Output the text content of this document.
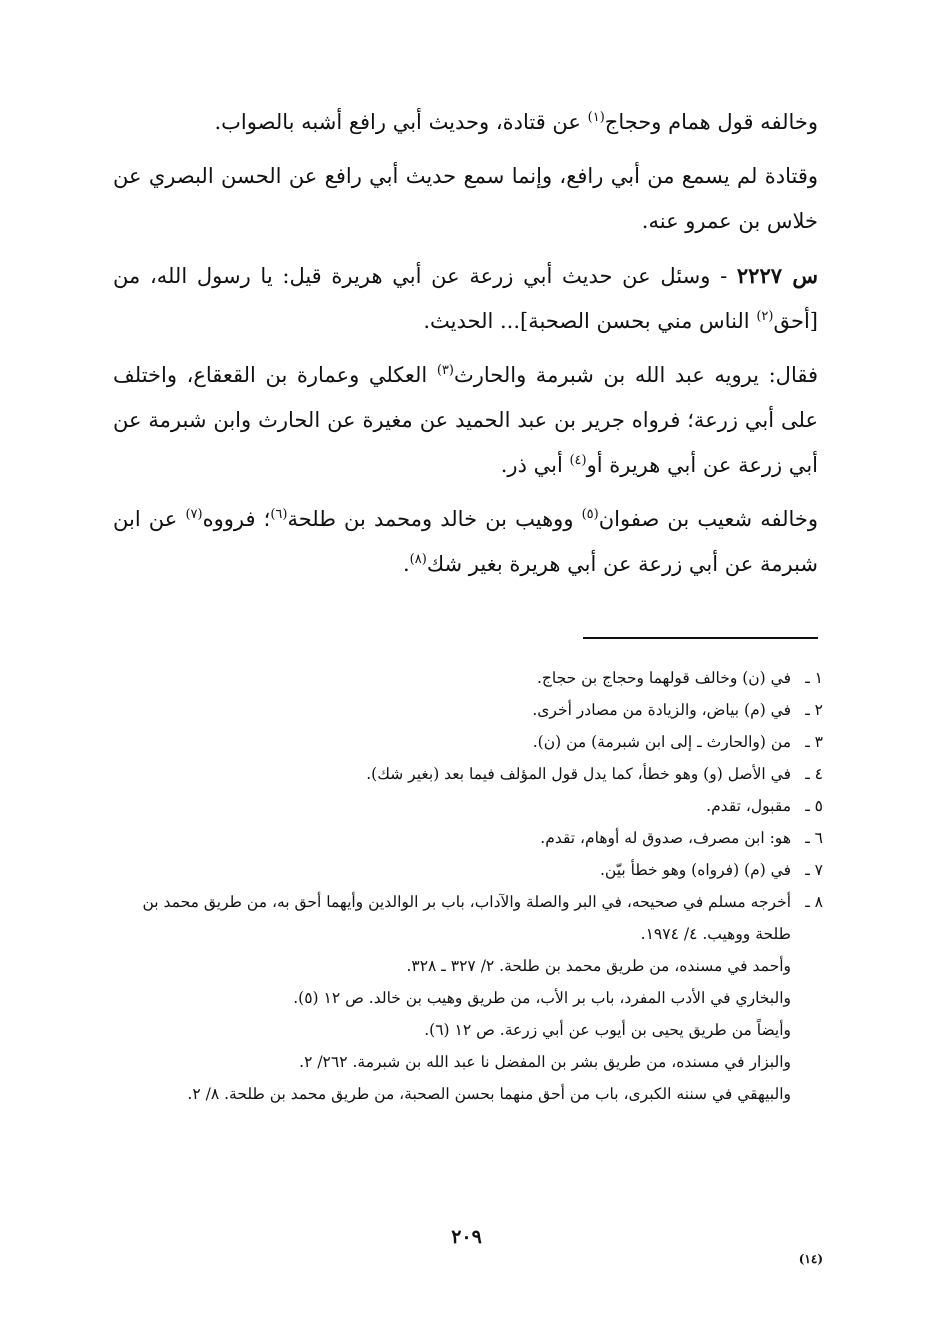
وخالفه قول همام وحجاج$^{(١)}$ عن قتادة، وحديث أبي رافع أشبه بالصواب.

وقتادة لم يسمع من أبي رافع، وإنما سمع حديث أبي رافع عن الحسن البصري عن خلاس بن عمرو عنه.

س ٢٢٢٧ - وسئل عن حديث أبي زرعة عن أبي هريرة قيل: يا رسول الله، من [أحق$^{(٢)}$ الناس مني بحسن الصحبة]... الحديث.

فقال: يرويه عبد الله بن شبرمة والحارث$^{(٣)}$ العكلي وعمارة بن القعقاع، واختلف على أبي زرعة؛ فرواه جرير بن عبد الحميد عن مغيرة عن الحارث وابن شبرمة عن أبي زرعة عن أبي هريرة أو$^{(٤)}$ أبي ذر.

وخالفه شعيب بن صفوان$^{(٥)}$ ووهيب بن خالد ومحمد بن طلحة$^{(٦)}$؛ فرووه$^{(٧)}$ عن ابن شبرمة عن أبي زرعة عن أبي هريرة بغير شك$^{(٨)}$.

١ ـ
في (ن) وخالف قولهما وحجاج بن حجاج.
٢ ـ
في (م) بياض، والزيادة من مصادر أخرى.
٣ ـ
من (والحارث ـ إلى ابن شبرمة) من (ن).
٤ ـ
في الأصل (و) وهو خطأ، كما يدل قول المؤلف فيما بعد (بغير شك).
٥ ـ
مقبول، تقدم.
٦ ـ
هو: ابن مصرف، صدوق له أوهام، تقدم.
٧ ـ
في (م) (فرواه) وهو خطأ بيّن.
٨ ـ
أخرجه مسلم في صحيحه، في البر والصلة والآداب، باب بر الوالدين وأيهما أحق به، من طريق محمد بن طلحة ووهيب. ٤/ ١٩٧٤.
وأحمد في مسنده، من طريق محمد بن طلحة. ٢/ ٣٢٧ ـ ٣٢٨.
والبخاري في الأدب المفرد، باب بر الأب، من طريق وهيب بن خالد. ص ١٢ (٥).
وأيضاً من طريق يحيى بن أيوب عن أبي زرعة. ص ١٢ (٦).
والبزار في مسنده، من طريق بشر بن المفضل نا عبد الله بن شبرمة. ٢٦٢/ ٢.
والبيهقي في سننه الكبرى، باب من أحق منهما بحسن الصحبة، من طريق محمد بن طلحة. ٨/ ٢.
٢٠٩
(١٤)
